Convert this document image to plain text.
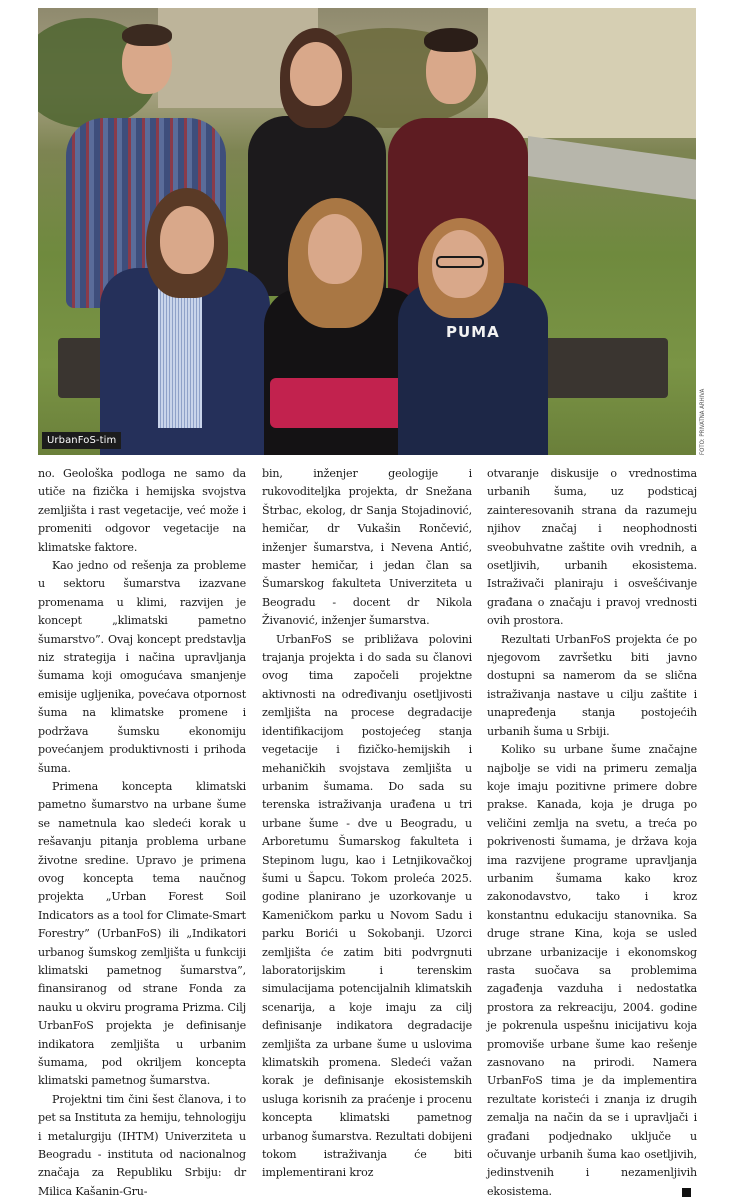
PUMA
UrbanFoS-tim	FOTO: PRIVATNA ARHIVA

no. Geološka podloga ne samo da utiče na fizička i hemijska svojstva zemljišta i rast vegetacije, već može i promeniti odgovor vegetacije na klimatske faktore.

Kao jedno od rešenja za probleme u sektoru šumarstva izazvane promenama u klimi, razvijen je koncept „klimatski pametno šumarstvo”. Ovaj koncept predstavlja niz strategija i načina upravljanja šumama koji omogućava smanjenje emisije ugljenika, povećava otpornost šuma na klimatske promene i podržava šumsku ekonomiju povećanjem produktivnosti i prihoda šuma.

Primena koncepta klimatski pametno šumarstvo na urbane šume se nametnula kao sledeći korak u rešavanju pitanja problema urbane životne sredine. Upravo je primena ovog koncepta tema naučnog projekta „Urban Forest Soil Indicators as a tool for Climate-Smart Forestry” (UrbanFoS) ili „Indikatori urbanog šumskog zemljišta u funkciji klimatski pametnog šumarstva”, finansiranog od strane Fonda za nauku u okviru programa Prizma. Cilj UrbanFoS projekta je definisanje indikatora zemljišta u urbanim šumama, pod okriljem koncepta klimatski pametnog šumarstva.

Projektni tim čini šest članova, i to pet sa Instituta za hemiju, tehnologiju i metalurgiju (IHTM) Univerziteta u Beogradu - instituta od nacionalnog značaja za Republiku Srbiju: dr Milica Kašanin-Gru-

bin, inženjer geologije i rukovoditeljka projekta, dr Snežana Štrbac, ekolog, dr Sanja Stojadinović, hemičar, dr Vukašin Rončević, inženjer šumarstva, i Nevena Antić, master hemičar, i jedan član sa Šumarskog fakulteta Univerziteta u Beogradu - docent dr Nikola Živanović, inženjer šumarstva.

UrbanFoS se približava polovini trajanja projekta i do sada su članovi ovog tima započeli projektne aktivnosti na određivanju osetljivosti zemljišta na procese degradacije identifikacijom postojećeg stanja vegetacije i fizičko-hemijskih i mehaničkih svojstava zemljišta u urbanim šumama. Do sada su terenska istraživanja urađena u tri urbane šume - dve u Beogradu, u Arboretumu Šumarskog fakulteta i Stepinom lugu, kao i Letnjikovačkoj šumi u Šapcu. Tokom proleća 2025. godine planirano je uzorkovanje u Kameničkom parku u Novom Sadu i parku Borići u Sokobanji. Uzorci zemljišta će zatim biti podvrgnuti laboratorijskim i terenskim simulacijama potencijalnih klimatskih scenarija, a koje imaju za cilj definisanje indikatora degradacije zemljišta za urbane šume u uslovima klimatskih promena. Sledeći važan korak je definisanje ekosistemskih usluga korisnih za praćenje i procenu koncepta klimatski pametnog urbanog šumarstva. Rezultati dobijeni tokom istraživanja će biti implementirani kroz

otvaranje diskusije o vrednostima urbanih šuma, uz podsticaj zainteresovanih strana da razumeju njihov značaj i neophodnosti sveobuhvatne zaštite ovih vrednih, a osetljivih, urbanih ekosistema. Istraživači planiraju i osvešćivanje građana o značaju i pravoj vrednosti ovih prostora.

Rezultati UrbanFoS projekta će po njegovom završetku biti javno dostupni sa namerom da se slična istraživanja nastave u cilju zaštite i unapređenja stanja postojećih urbanih šuma u Srbiji.

Koliko su urbane šume značajne najbolje se vidi na primeru zemalja koje imaju pozitivne primere dobre prakse. Kanada, koja je druga po veličini zemlja na svetu, a treća po pokrivenosti šumama, je država koja ima razvijene programe upravljanja urbanim šumama kako kroz zakonodavstvo, tako i kroz konstantnu edukaciju stanovnika. Sa druge strane Kina, koja se usled ubrzane urbanizacije i ekonomskog rasta suočava sa problemima zagađenja vazduha i nedostatka prostora za rekreaciju, 2004. godine je pokrenula uspešnu inicijativu koja promoviše urbane šume kao rešenje zasnovano na prirodi. Namera UrbanFoS tima je da implementira rezultate koristeći i znanja iz drugih zemalja na način da se i upravljači i građani podjednako uključe u očuvanje urbanih šuma kao osetljivih, jedinstvenih i nezamenljivih ekosistema.
